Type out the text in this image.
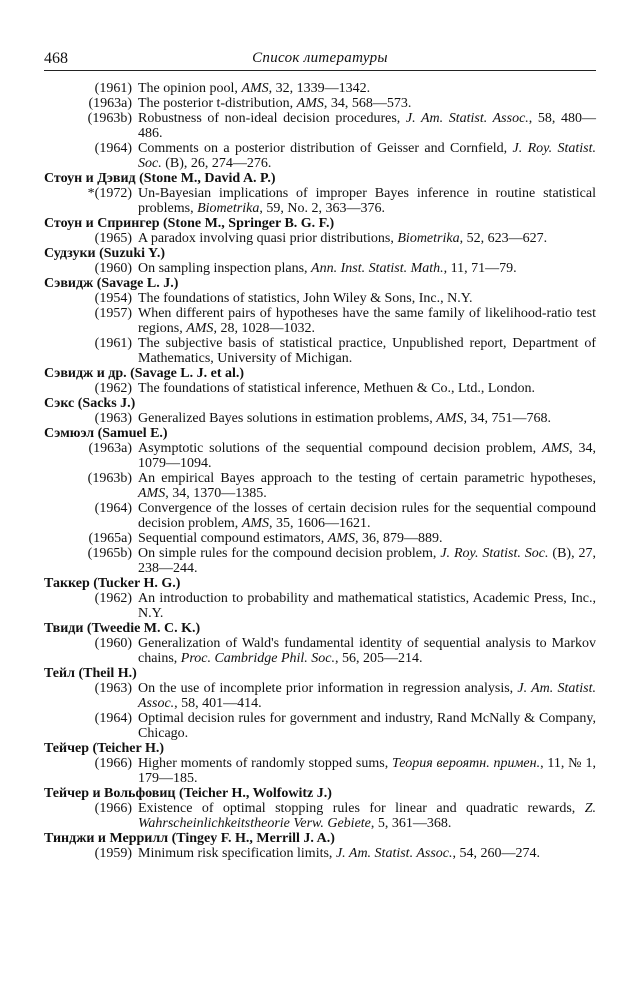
468	Список литературы
(1961) The opinion pool, AMS, 32, 1339—1342.
(1963a) The posterior t-distribution, AMS, 34, 568—573.
(1963b) Robustness of non-ideal decision procedures, J. Am. Statist. Assoc., 58, 480—486.
(1964) Comments on a posterior distribution of Geisser and Cornfield, J. Roy. Statist. Soc. (B), 26, 274—276.
Стоун и Дэвид (Stone M., David A. P.)
*(1972) Un-Bayesian implications of improper Bayes inference in routine statistical problems, Biometrika, 59, No. 2, 363—376.
Стоун и Спрингер (Stone M., Springer B. G. F.)
(1965) A paradox involving quasi prior distributions, Biometrika, 52, 623—627.
Судзуки (Suzuki Y.)
(1960) On sampling inspection plans, Ann. Inst. Statist. Math., 11, 71—79.
Сэвидж (Savage L. J.)
(1954) The foundations of statistics, John Wiley & Sons, Inc., N.Y.
(1957) When different pairs of hypotheses have the same family of likelihood-ratio test regions, AMS, 28, 1028—1032.
(1961) The subjective basis of statistical practice, Unpublished report, Department of Mathematics, University of Michigan.
Сэвидж и др. (Savage L. J. et al.)
(1962) The foundations of statistical inference, Methuen & Co., Ltd., London.
Сэкс (Sacks J.)
(1963) Generalized Bayes solutions in estimation problems, AMS, 34, 751—768.
Сэмюэл (Samuel E.)
(1963a) Asymptotic solutions of the sequential compound decision problem, AMS, 34, 1079—1094.
(1963b) An empirical Bayes approach to the testing of certain parametric hypotheses, AMS, 34, 1370—1385.
(1964) Convergence of the losses of certain decision rules for the sequential compound decision problem, AMS, 35, 1606—1621.
(1965a) Sequential compound estimators, AMS, 36, 879—889.
(1965b) On simple rules for the compound decision problem, J. Roy. Statist. Soc. (B), 27, 238—244.
Таккер (Tucker H. G.)
(1962) An introduction to probability and mathematical statistics, Academic Press, Inc., N.Y.
Твиди (Tweedie M. C. K.)
(1960) Generalization of Wald's fundamental identity of sequential analysis to Markov chains, Proc. Cambridge Phil. Soc., 56, 205—214.
Тейл (Theil H.)
(1963) On the use of incomplete prior information in regression analysis, J. Am. Statist. Assoc., 58, 401—414.
(1964) Optimal decision rules for government and industry, Rand McNally & Company, Chicago.
Тейчер (Teicher H.)
(1966) Higher moments of randomly stopped sums, Теория вероятн. примен., 11, № 1, 179—185.
Тейчер и Вольфовиц (Teicher H., Wolfowitz J.)
(1966) Existence of optimal stopping rules for linear and quadratic rewards, Z. Wahrscheinlichkeitstheorie Verw. Gebiete, 5, 361—368.
Тинджи и Меррилл (Tingey F. H., Merrill J. A.)
(1959) Minimum risk specification limits, J. Am. Statist. Assoc., 54, 260—274.
